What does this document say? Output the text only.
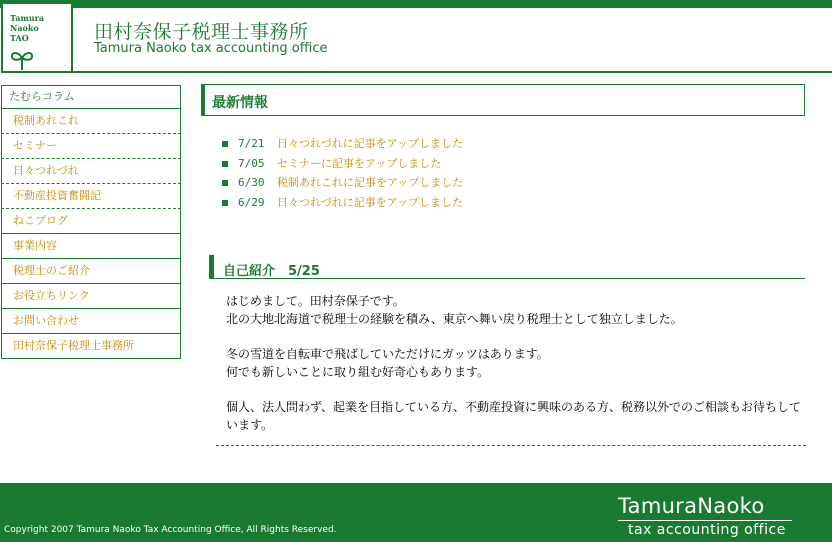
Tamura
Naoko
TAO	田村奈保子税理士事務所
Tamura Naoko tax accounting office
たむらコラム
税制あれこれ
セミナー
日々つれづれ
不動産投資奮闘記
ねこブログ
事業内容
税理士のご紹介
お役立ちリンク
お問い合わせ
田村奈保子税理士事務所
最新情報
7/21 日々つれづれに記事をアップしました
7/05 セミナーに記事をアップしました
6/30 税制あれこれに記事をアップしました
6/29 日々つれづれに記事をアップしました
自己紹介　5/25

はじめまして。田村奈保子です。
北の大地北海道で税理士の経験を積み、東京へ舞い戻り税理士として独立しました。

冬の雪道を自転車で飛ばしていただけにガッツはあります。
何でも新しいことに取り組む好奇心もあります。

個人、法人問わず、起業を目指している方、不動産投資に興味のある方、税務以外でのご相談もお待ちしています。

Copyright 2007 Tamura Naoko Tax Accounting Office, All Rights Reserved.
TamuraNaoko
tax accounting office
